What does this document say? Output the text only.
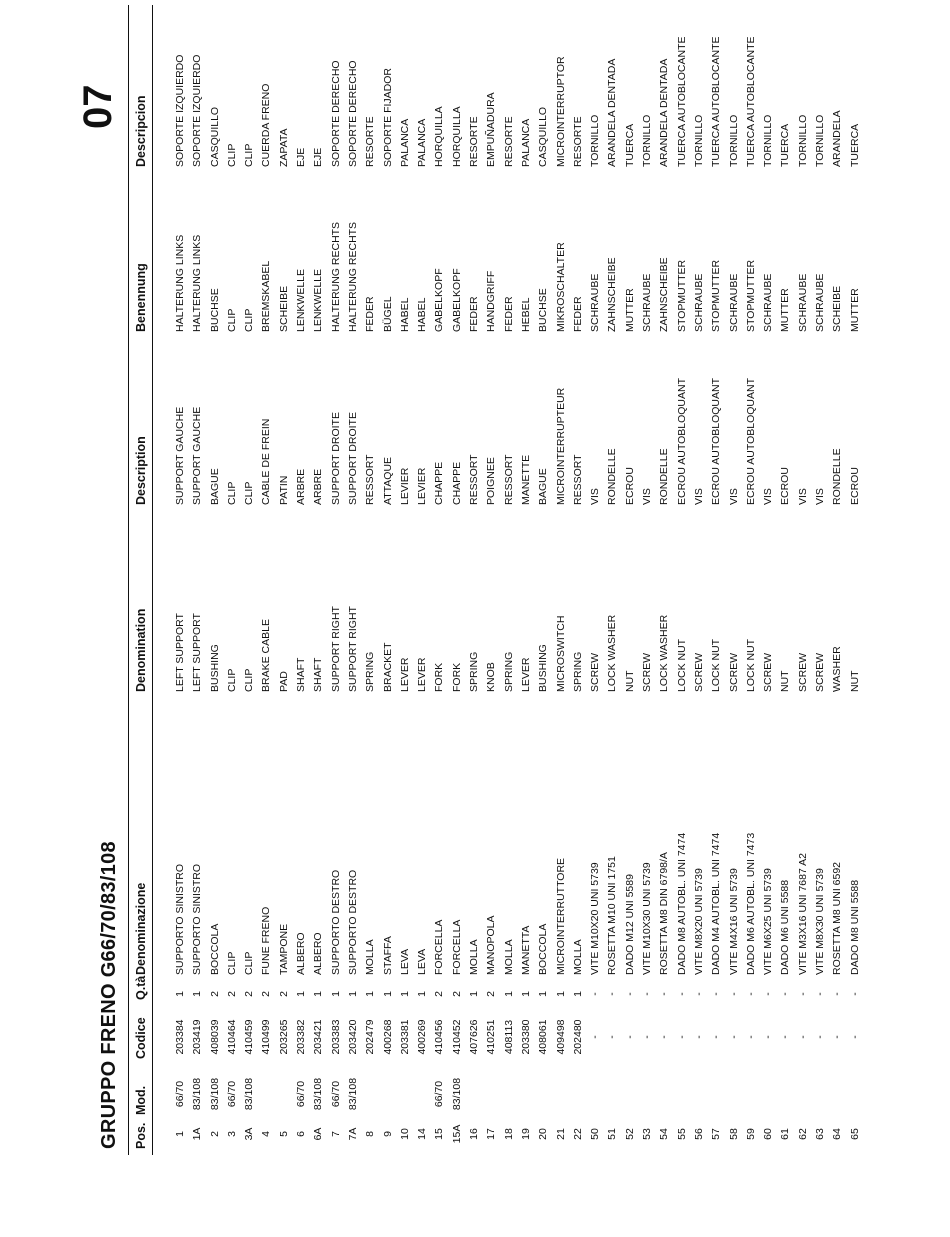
GRUPPO FRENO G66/70/83/108
07
Pos.
Mod.
Codice
Q.tà
Denominazione
Denomination
Description
Benennung
Descripcion
1 1A 2 3 3A 4 5 6 6A 7 7A 8 9 10 14 15 15A 16 17 18 19 20 21 22 50 51 52 53 54 55 56 57 58 59 60 61 62 63 64 65
66/70 83/108 83/108 66/70 83/108	66/70 83/108 66/70 83/108	66/70 83/108
203384 203419 408039 410464 410459 410499 203265 203382 203421 203383 203420 202479 400268 203381 400269 410456 410452 407626 410251 408113 203380 408061 409498 202480 - - - - - - - - - - - - - - - -
1 1 2 2 2 2 2 1 1 1 1 1 1 1 1 2 2 1 2 1 1 1 1 1 - - - - - - - - - - - - - - - -
SUPPORTO SINISTRO SUPPORTO SINISTRO BOCCOLA CLIP CLIP FUNE FRENO TAMPONE ALBERO ALBERO SUPPORTO DESTRO SUPPORTO DESTRO MOLLA STAFFA LEVA LEVA FORCELLA FORCELLA MOLLA MANOPOLA MOLLA MANETTA BOCCOLA MICROINTERRUTTORE MOLLA VITE M10X20 UNI 5739 ROSETTA M10 UNI 1751 DADO M12 UNI 5589 VITE M10X30 UNI 5739 ROSETTA M8 DIN 6798/A DADO M8 AUTOBL. UNI 7474 VITE M8X20 UNI 5739 DADO M4 AUTOBL. UNI 7474 VITE M4X16 UNI 5739 DADO M6 AUTOBL. UNI 7473 VITE M6X25 UNI 5739 DADO M6 UNI 5588 VITE M3X16 UNI 7687 A2 VITE M8X30 UNI 5739 ROSETTA M8 UNI 6592 DADO M8 UNI 5588
LEFT SUPPORT LEFT SUPPORT BUSHING CLIP CLIP BRAKE CABLE PAD SHAFT SHAFT SUPPORT RIGHT SUPPORT RIGHT SPRING BRACKET LEVER LEVER FORK FORK SPRING KNOB SPRING LEVER BUSHING MICROSWITCH SPRING SCREW LOCK WASHER NUT SCREW LOCK WASHER LOCK NUT SCREW LOCK NUT SCREW LOCK NUT SCREW NUT SCREW SCREW WASHER NUT
SUPPORT GAUCHE SUPPORT GAUCHE BAGUE CLIP CLIP CABLE DE FREIN PATIN ARBRE ARBRE SUPPORT DROITE SUPPORT DROITE RESSORT ATTAQUE LEVIER LEVIER CHAPPE CHAPPE RESSORT POIGNEE RESSORT MANETTE BAGUE MICROINTERRUPTEUR RESSORT VIS RONDELLE ECROU VIS RONDELLE ECROU AUTOBLOQUANT VIS ECROU AUTOBLOQUANT VIS ECROU AUTOBLOQUANT VIS ECROU VIS VIS RONDELLE ECROU
HALTERUNG LINKS HALTERUNG LINKS BUCHSE CLIP CLIP BREMSKABEL SCHEIBE LENKWELLE LENKWELLE HALTERUNG RECHTS HALTERUNG RECHTS FEDER BÜGEL HABEL HABEL GABELKOPF GABELKOPF FEDER HANDGRIFF FEDER HEBEL BUCHSE MIKROSCHALTER FEDER SCHRAUBE ZAHNSCHEIBE MUTTER SCHRAUBE ZAHNSCHEIBE STOPMUTTER SCHRAUBE STOPMUTTER SCHRAUBE STOPMUTTER SCHRAUBE MUTTER SCHRAUBE SCHRAUBE SCHEIBE MUTTER
SOPORTE IZQUIERDO SOPORTE IZQUIERDO CASQUILLO CLIP CLIP CUERDA FRENO ZAPATA EJE EJE SOPORTE DERECHO SOPORTE DERECHO RESORTE SOPORTE FIJADOR PALANCA PALANCA HORQUILLA HORQUILLA RESORTE EMPUÑADURA RESORTE PALANCA CASQUILLO MICROINTERRUPTOR RESORTE TORNILLO ARANDELA DENTADA TUERCA TORNILLO ARANDELA DENTADA TUERCA AUTOBLOCANTE TORNILLO TUERCA AUTOBLOCANTE TORNILLO TUERCA AUTOBLOCANTE TORNILLO TUERCA TORNILLO TORNILLO ARANDELA TUERCA
